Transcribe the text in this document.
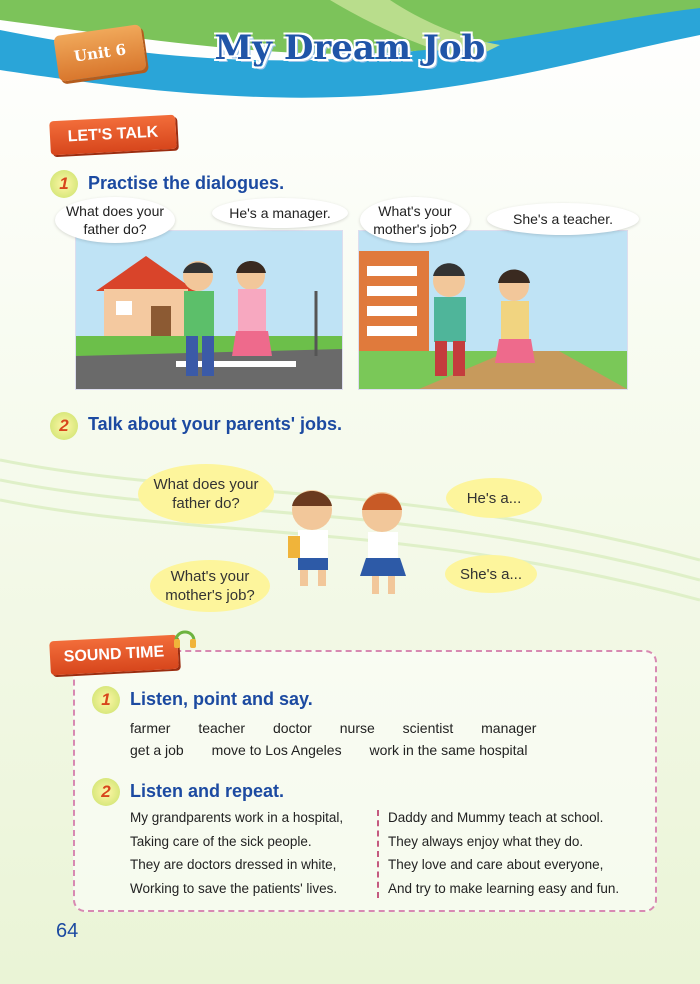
Unit 6	My Dream Job
LET'S TALK
1	Practise the dialogues.
What does your father do?
He's a manager.	What's your mother's job?
She's a teacher.
2	Talk about your parents' jobs.
What does your father do?	He's a...
What's your mother's job?
She's a...
SOUND TIME
1	Listen, point and say.
farmer teacher doctor nurse scientist manager
get a job move to Los Angeles work in the same hospital
2	Listen and repeat.
My grandparents work in a hospital,
Taking care of the sick people.
They are doctors dressed in white,
Working to save the patients' lives.
Daddy and Mummy teach at school.
They always enjoy what they do.
They love and care about everyone,
And try to make learning easy and fun.
64
